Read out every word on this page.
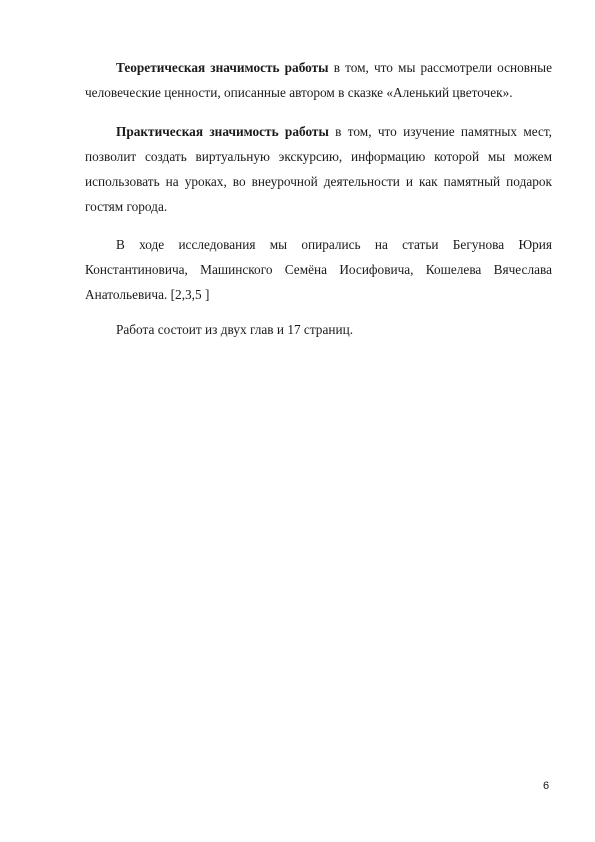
Теоретическая значимость работы в том, что мы рассмотрели основные человеческие ценности, описанные автором в сказке «Аленький цветочек».

Практическая значимость работы в том, что изучение памятных мест, позволит создать виртуальную экскурсию, информацию которой мы можем использовать на уроках, во внеурочной деятельности и как памятный подарок гостям города.

В ходе исследования мы опирались на статьи Бегунова Юрия Константиновича, Машинского Семёна Иосифовича, Кошелева Вячеслава Анатольевича. [2,3,5 ]

Работа состоит из двух глав и 17 страниц.

6
